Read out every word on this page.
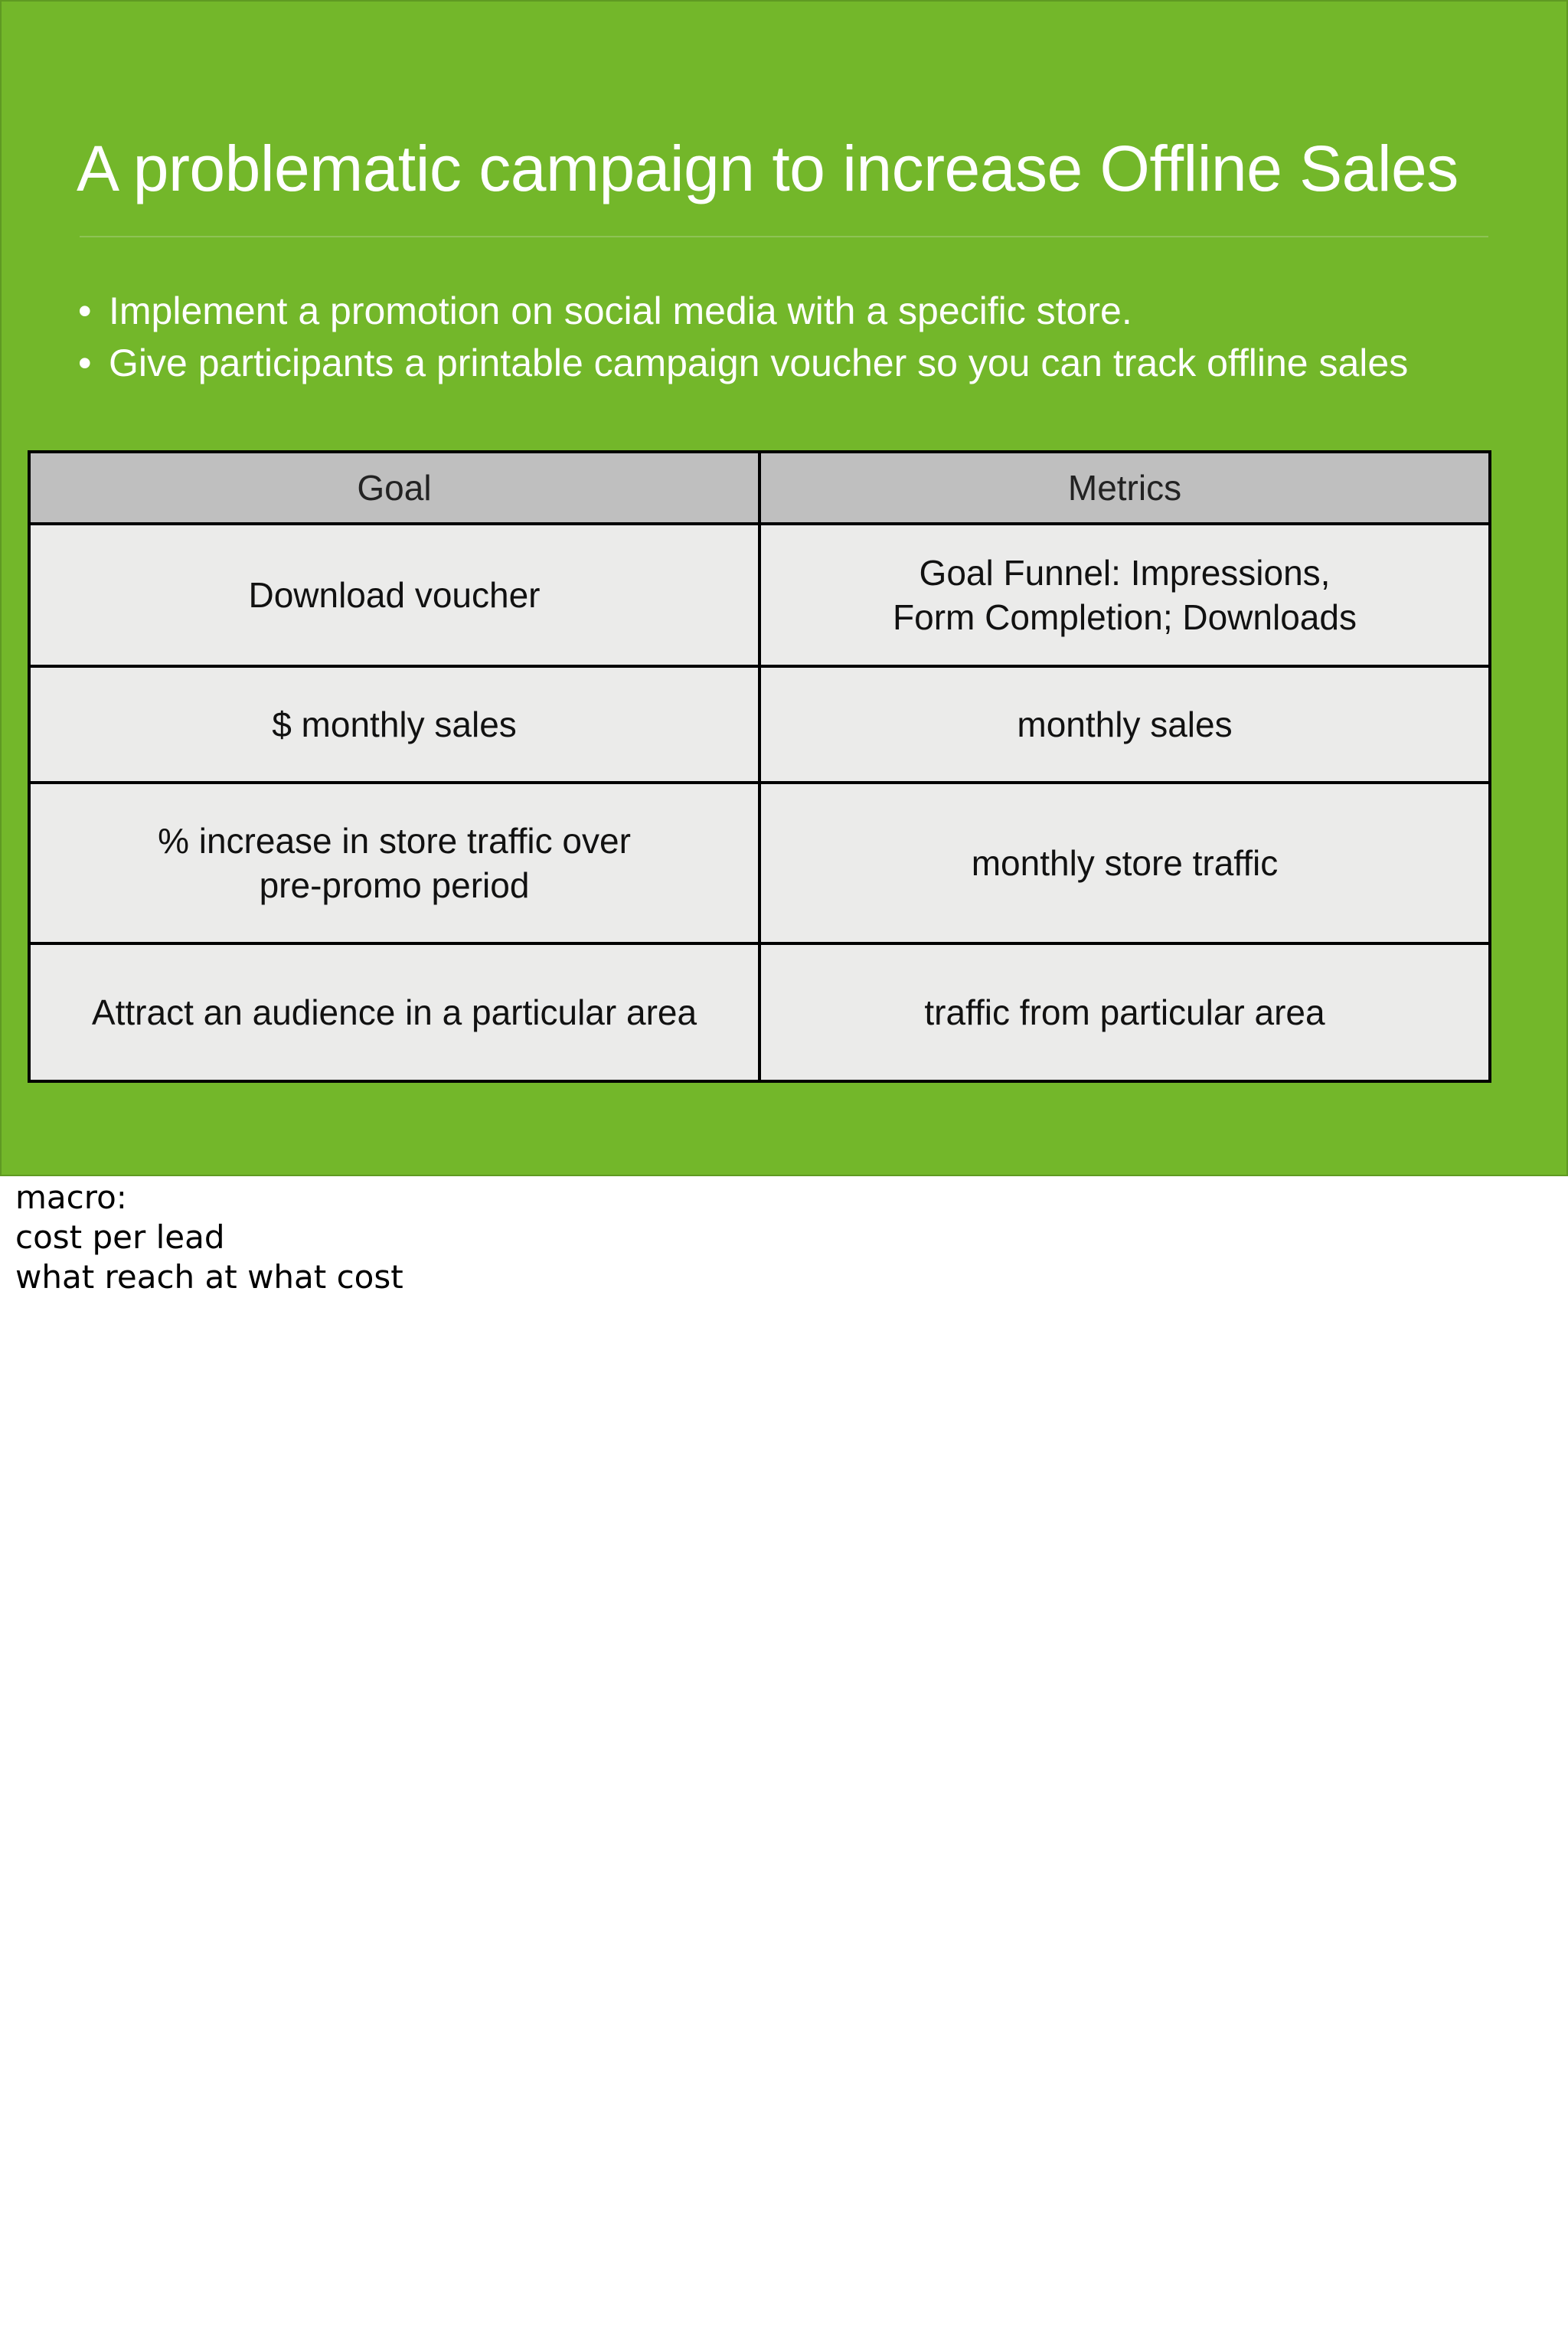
A problematic campaign to increase Offline Sales
• Implement a promotion on social media with a specific store.
• Give participants a printable campaign voucher so you can track offline sales
Goal	Metrics

Download voucher	Goal Funnel: Impressions,
Form Completion; Downloads

$ monthly sales	monthly sales

% increase in store traffic over
pre-promo period	monthly store traffic

Attract an audience in a particular area	traffic from particular area
macro:
cost per lead
what reach at what cost
